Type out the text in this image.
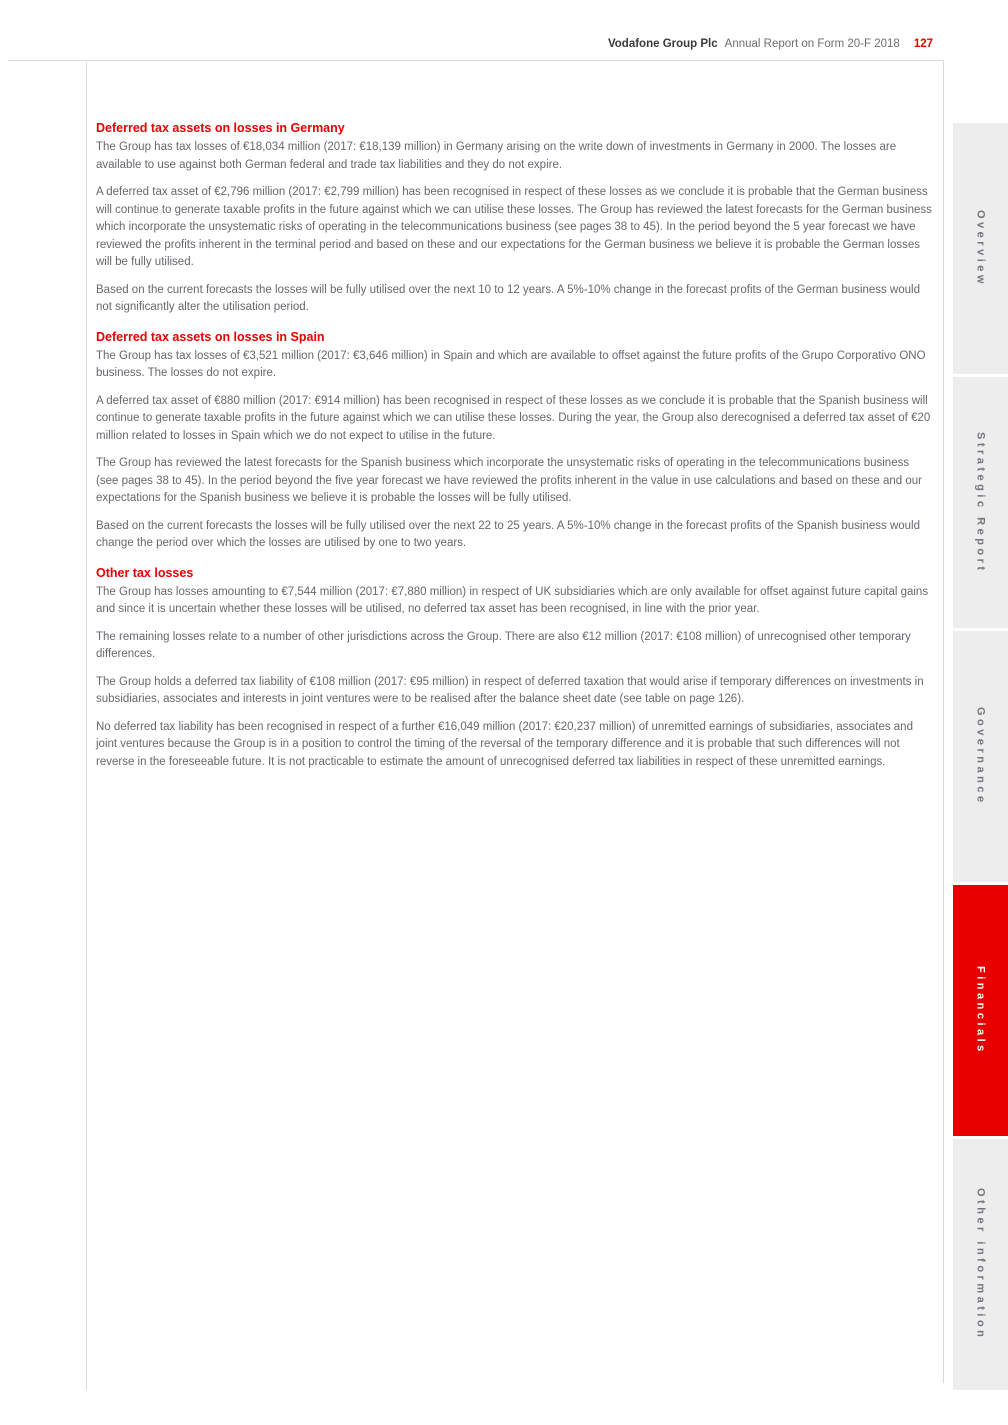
Vodafone Group Plc Annual Report on Form 20-F 2018 127
Deferred tax assets on losses in Germany

The Group has tax losses of €18,034 million (2017: €18,139 million) in Germany arising on the write down of investments in Germany in 2000. The losses are available to use against both German federal and trade tax liabilities and they do not expire.

A deferred tax asset of €2,796 million (2017: €2,799 million) has been recognised in respect of these losses as we conclude it is probable that the German business will continue to generate taxable profits in the future against which we can utilise these losses. The Group has reviewed the latest forecasts for the German business which incorporate the unsystematic risks of operating in the telecommunications business (see pages 38 to 45). In the period beyond the 5 year forecast we have reviewed the profits inherent in the terminal period and based on these and our expectations for the German business we believe it is probable the German losses will be fully utilised.

Based on the current forecasts the losses will be fully utilised over the next 10 to 12 years. A 5%-10% change in the forecast profits of the German business would not significantly alter the utilisation period.

Deferred tax assets on losses in Spain

The Group has tax losses of €3,521 million (2017: €3,646 million) in Spain and which are available to offset against the future profits of the Grupo Corporativo ONO business. The losses do not expire.

A deferred tax asset of €880 million (2017: €914 million) has been recognised in respect of these losses as we conclude it is probable that the Spanish business will continue to generate taxable profits in the future against which we can utilise these losses. During the year, the Group also derecognised a deferred tax asset of €20 million related to losses in Spain which we do not expect to utilise in the future.

The Group has reviewed the latest forecasts for the Spanish business which incorporate the unsystematic risks of operating in the telecommunications business (see pages 38 to 45). In the period beyond the five year forecast we have reviewed the profits inherent in the value in use calculations and based on these and our expectations for the Spanish business we believe it is probable the losses will be fully utilised.

Based on the current forecasts the losses will be fully utilised over the next 22 to 25 years. A 5%-10% change in the forecast profits of the Spanish business would change the period over which the losses are utilised by one to two years.

Other tax losses

The Group has losses amounting to €7,544 million (2017: €7,880 million) in respect of UK subsidiaries which are only available for offset against future capital gains and since it is uncertain whether these losses will be utilised, no deferred tax asset has been recognised, in line with the prior year.

The remaining losses relate to a number of other jurisdictions across the Group. There are also €12 million (2017: €108 million) of unrecognised other temporary differences.

The Group holds a deferred tax liability of €108 million (2017: €95 million) in respect of deferred taxation that would arise if temporary differences on investments in subsidiaries, associates and interests in joint ventures were to be realised after the balance sheet date (see table on page 126).

No deferred tax liability has been recognised in respect of a further €16,049 million (2017: €20,237 million) of unremitted earnings of subsidiaries, associates and joint ventures because the Group is in a position to control the timing of the reversal of the temporary difference and it is probable that such differences will not reverse in the foreseeable future. It is not practicable to estimate the amount of unrecognised deferred tax liabilities in respect of these unremitted earnings.

Overview
Strategic Report
Governance
Financials
Other information
